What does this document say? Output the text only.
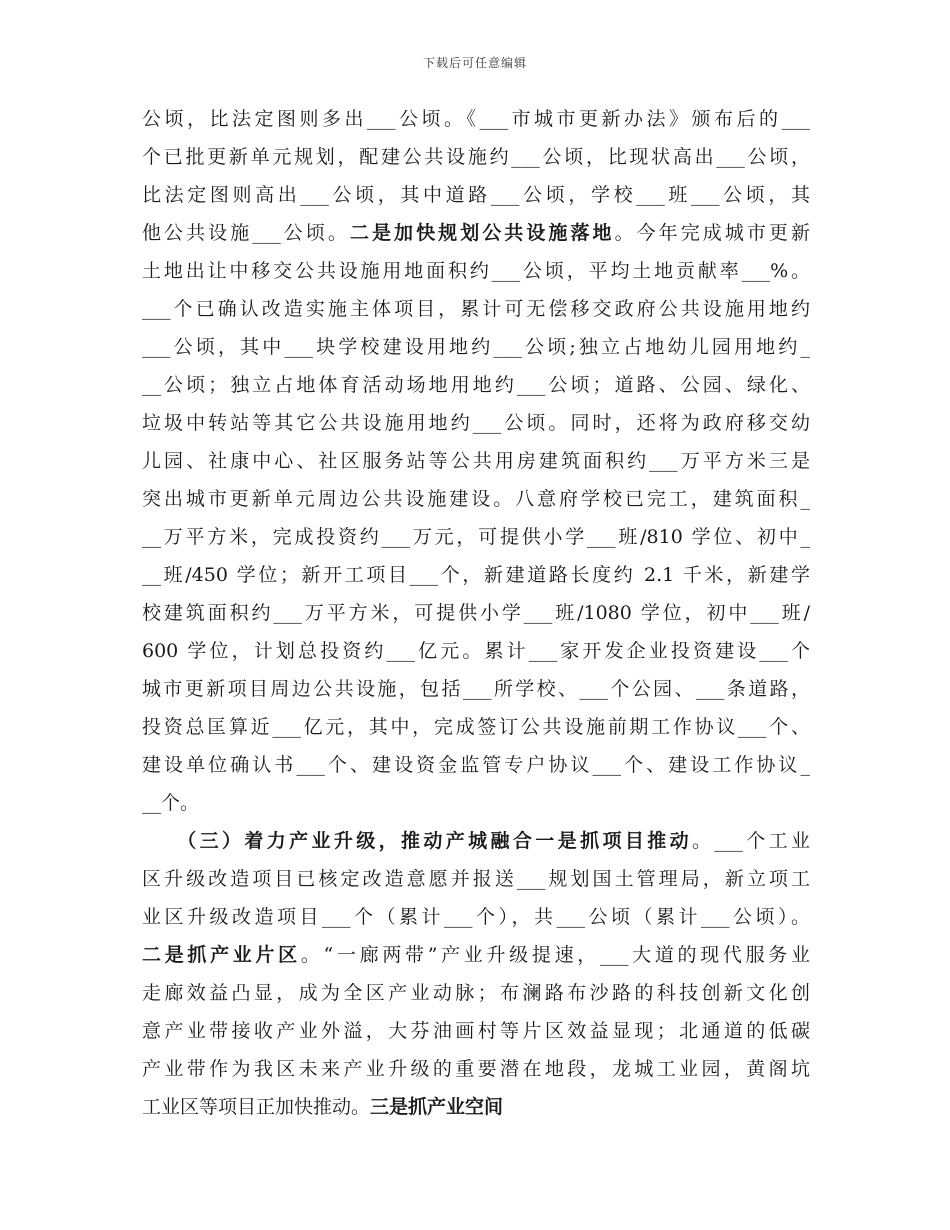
下载后可任意编辑
公顷，比法定图则多出___公顷。《___市城市更新办法》颁布后的___
个已批更新单元规划，配建公共设施约___公顷，比现状高出___公顷，
比法定图则高出___公顷，其中道路___公顷，学校___班___公顷，其
他公共设施___公顷。二是加快规划公共设施落地。今年完成城市更新
土地出让中移交公共设施用地面积约___公顷，平均土地贡献率___%。
___个已确认改造实施主体项目，累计可无偿移交政府公共设施用地约
___公顷，其中___块学校建设用地约___公顷;独立占地幼儿园用地约_
__公顷；独立占地体育活动场地用地约___公顷；道路、公园、绿化、
垃圾中转站等其它公共设施用地约___公顷。同时，还将为政府移交幼
儿园、社康中心、社区服务站等公共用房建筑面积约___万平方米三是
突出城市更新单元周边公共设施建设。八意府学校已完工，建筑面积_
__万平方米，完成投资约___万元，可提供小学___班/810 学位、初中_
__班/450 学位；新开工项目___个，新建道路长度约 2.1 千米，新建学
校建筑面积约___万平方米，可提供小学___班/1080 学位，初中___班/
600 学位，计划总投资约___亿元。累计___家开发企业投资建设___个
城市更新项目周边公共设施，包括___所学校、___个公园、___条道路，
投资总匡算近___亿元，其中，完成签订公共设施前期工作协议___个、
建设单位确认书___个、建设资金监管专户协议___个、建设工作协议_
__个。
　　（三）着力产业升级，推动产城融合一是抓项目推动。___个工业
区升级改造项目已核定改造意愿并报送___规划国土管理局，新立项工
业区升级改造项目___个（累计___个），共___公顷（累计___公顷）。
二是抓产业片区。“一廊两带”产业升级提速，___大道的现代服务业
走廊效益凸显，成为全区产业动脉；布澜路布沙路的科技创新文化创
意产业带接收产业外溢，大芬油画村等片区效益显现；北通道的低碳
产业带作为我区未来产业升级的重要潜在地段，龙城工业园，黄阁坑
工业区等项目正加快推动。三是抓产业空间
